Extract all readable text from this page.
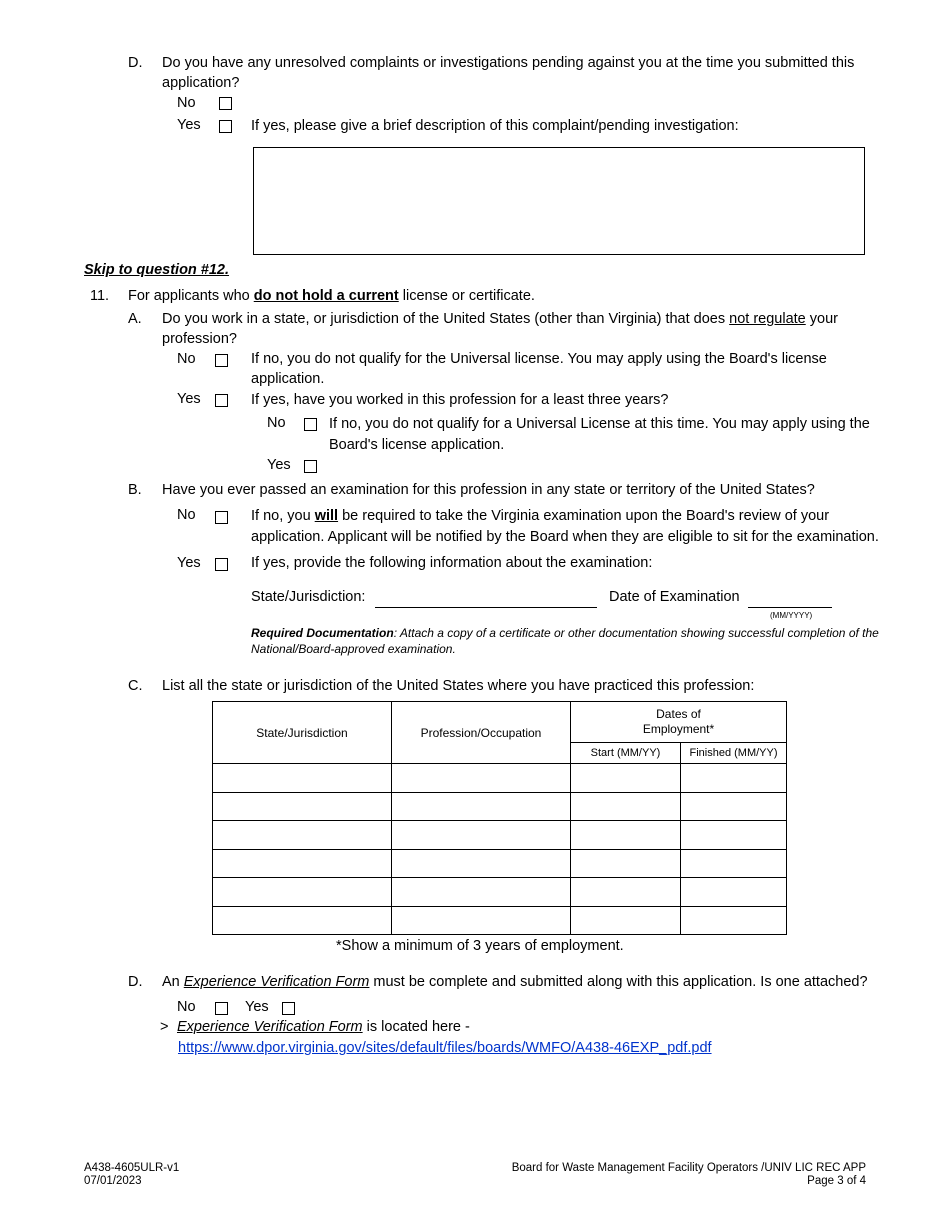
D. Do you have any unresolved complaints or investigations pending against you at the time you submitted this
application?
No
Yes	If yes, please give a brief description of this complaint/pending investigation:
Skip to question #12.
11. For applicants who do not hold a current license or certificate.
A. Do you work in a state, or jurisdiction of the United States (other than Virginia) that does not regulate your
profession?
No	If no, you do not qualify for the Universal license. You may apply using the Board's license
application.
Yes	If yes, have you worked in this profession for a least three years?
No	If no, you do not qualify for a Universal License at this time. You may apply using the
Board's license application.
Yes
B. Have you ever passed an examination for this profession in any state or territory of the United States?
No	If no, you will be required to take the Virginia examination upon the Board's review of your
application. Applicant will be notified by the Board when they are eligible to sit for the examination.
Yes	If yes, provide the following information about the examination:
State/Jurisdiction:	Date of Examination
(MM/YYYY)
Required Documentation: Attach a copy of a certificate or other documentation showing successful completion of the
National/Board-approved examination.
C. List all the state or jurisdiction of the United States where you have practiced this profession:
State/Jurisdiction	Profession/Occupation	Dates of
Employment*	
		Start (MM/YY)	Finished (MM/YY)

*Show a minimum of 3 years of employment.
D. An Experience Verification Form must be complete and submitted along with this application. Is one attached?
No	Yes
> Experience Verification Form is located here -
https://www.dpor.virginia.gov/sites/default/files/boards/WMFO/A438-46EXP_pdf.pdf
A438-4605ULR-v1
07/01/2023
Board for Waste Management Facility Operators /UNIV LIC REC APP
Page 3 of 4
